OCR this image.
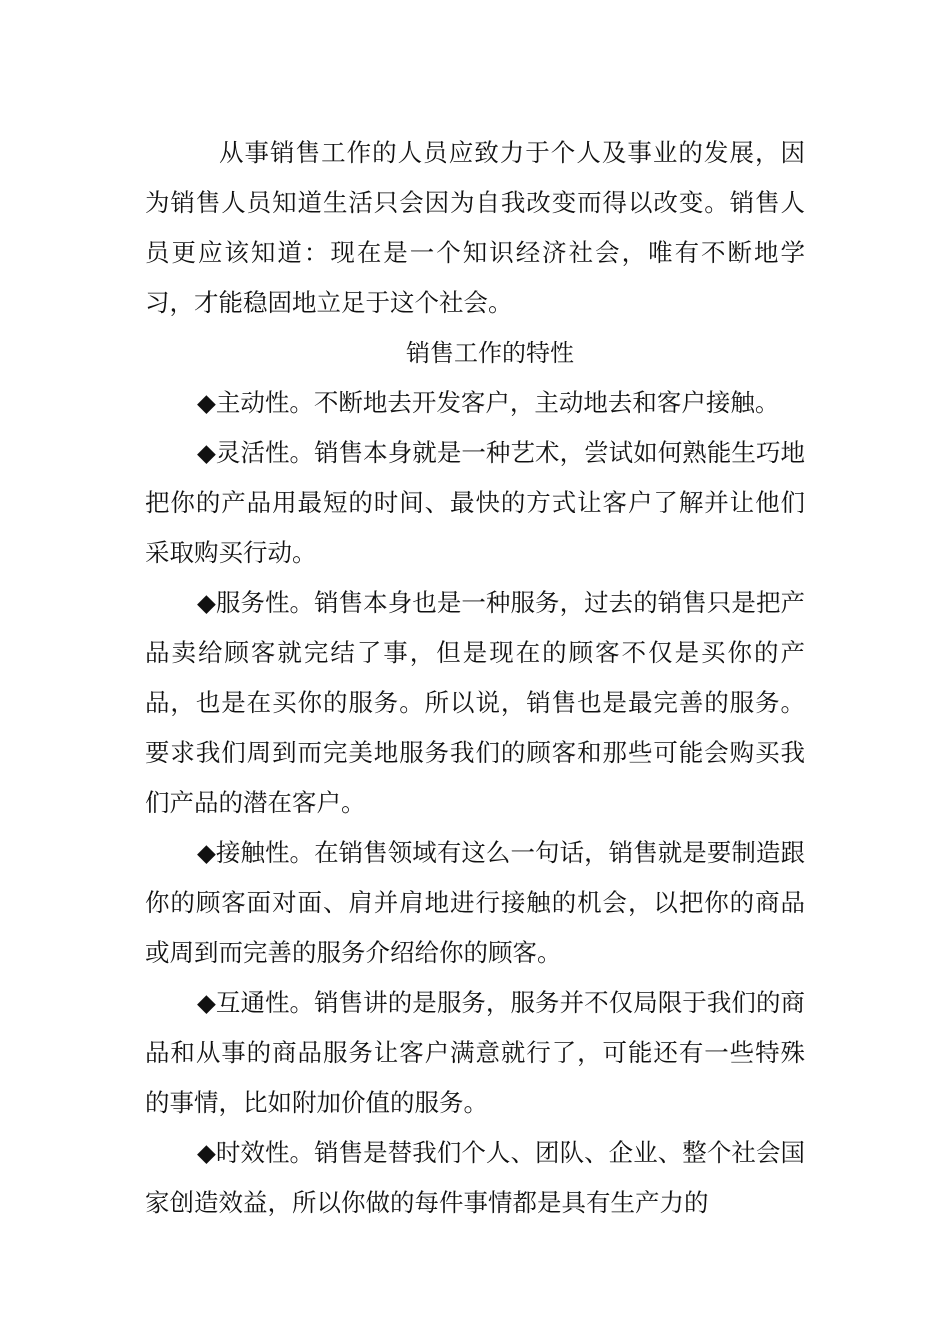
从事销售工作的人员应致力于个人及事业的发展，因为销售人员知道生活只会因为自我改变而得以改变。销售人员更应该知道：现在是一个知识经济社会，唯有不断地学习，才能稳固地立足于这个社会。

销售工作的特性

◆主动性。不断地去开发客户，主动地去和客户接触。

◆灵活性。销售本身就是一种艺术，尝试如何熟能生巧地把你的产品用最短的时间、最快的方式让客户了解并让他们采取购买行动。

◆服务性。销售本身也是一种服务，过去的销售只是把产品卖给顾客就完结了事，但是现在的顾客不仅是买你的产品，也是在买你的服务。所以说，销售也是最完善的服务。要求我们周到而完美地服务我们的顾客和那些可能会购买我们产品的潜在客户。

◆接触性。在销售领域有这么一句话，销售就是要制造跟你的顾客面对面、肩并肩地进行接触的机会，以把你的商品或周到而完善的服务介绍给你的顾客。

◆互通性。销售讲的是服务，服务并不仅局限于我们的商品和从事的商品服务让客户满意就行了，可能还有一些特殊的事情，比如附加价值的服务。

◆时效性。销售是替我们个人、团队、企业、整个社会国家创造效益，所以你做的每件事情都是具有生产力的
